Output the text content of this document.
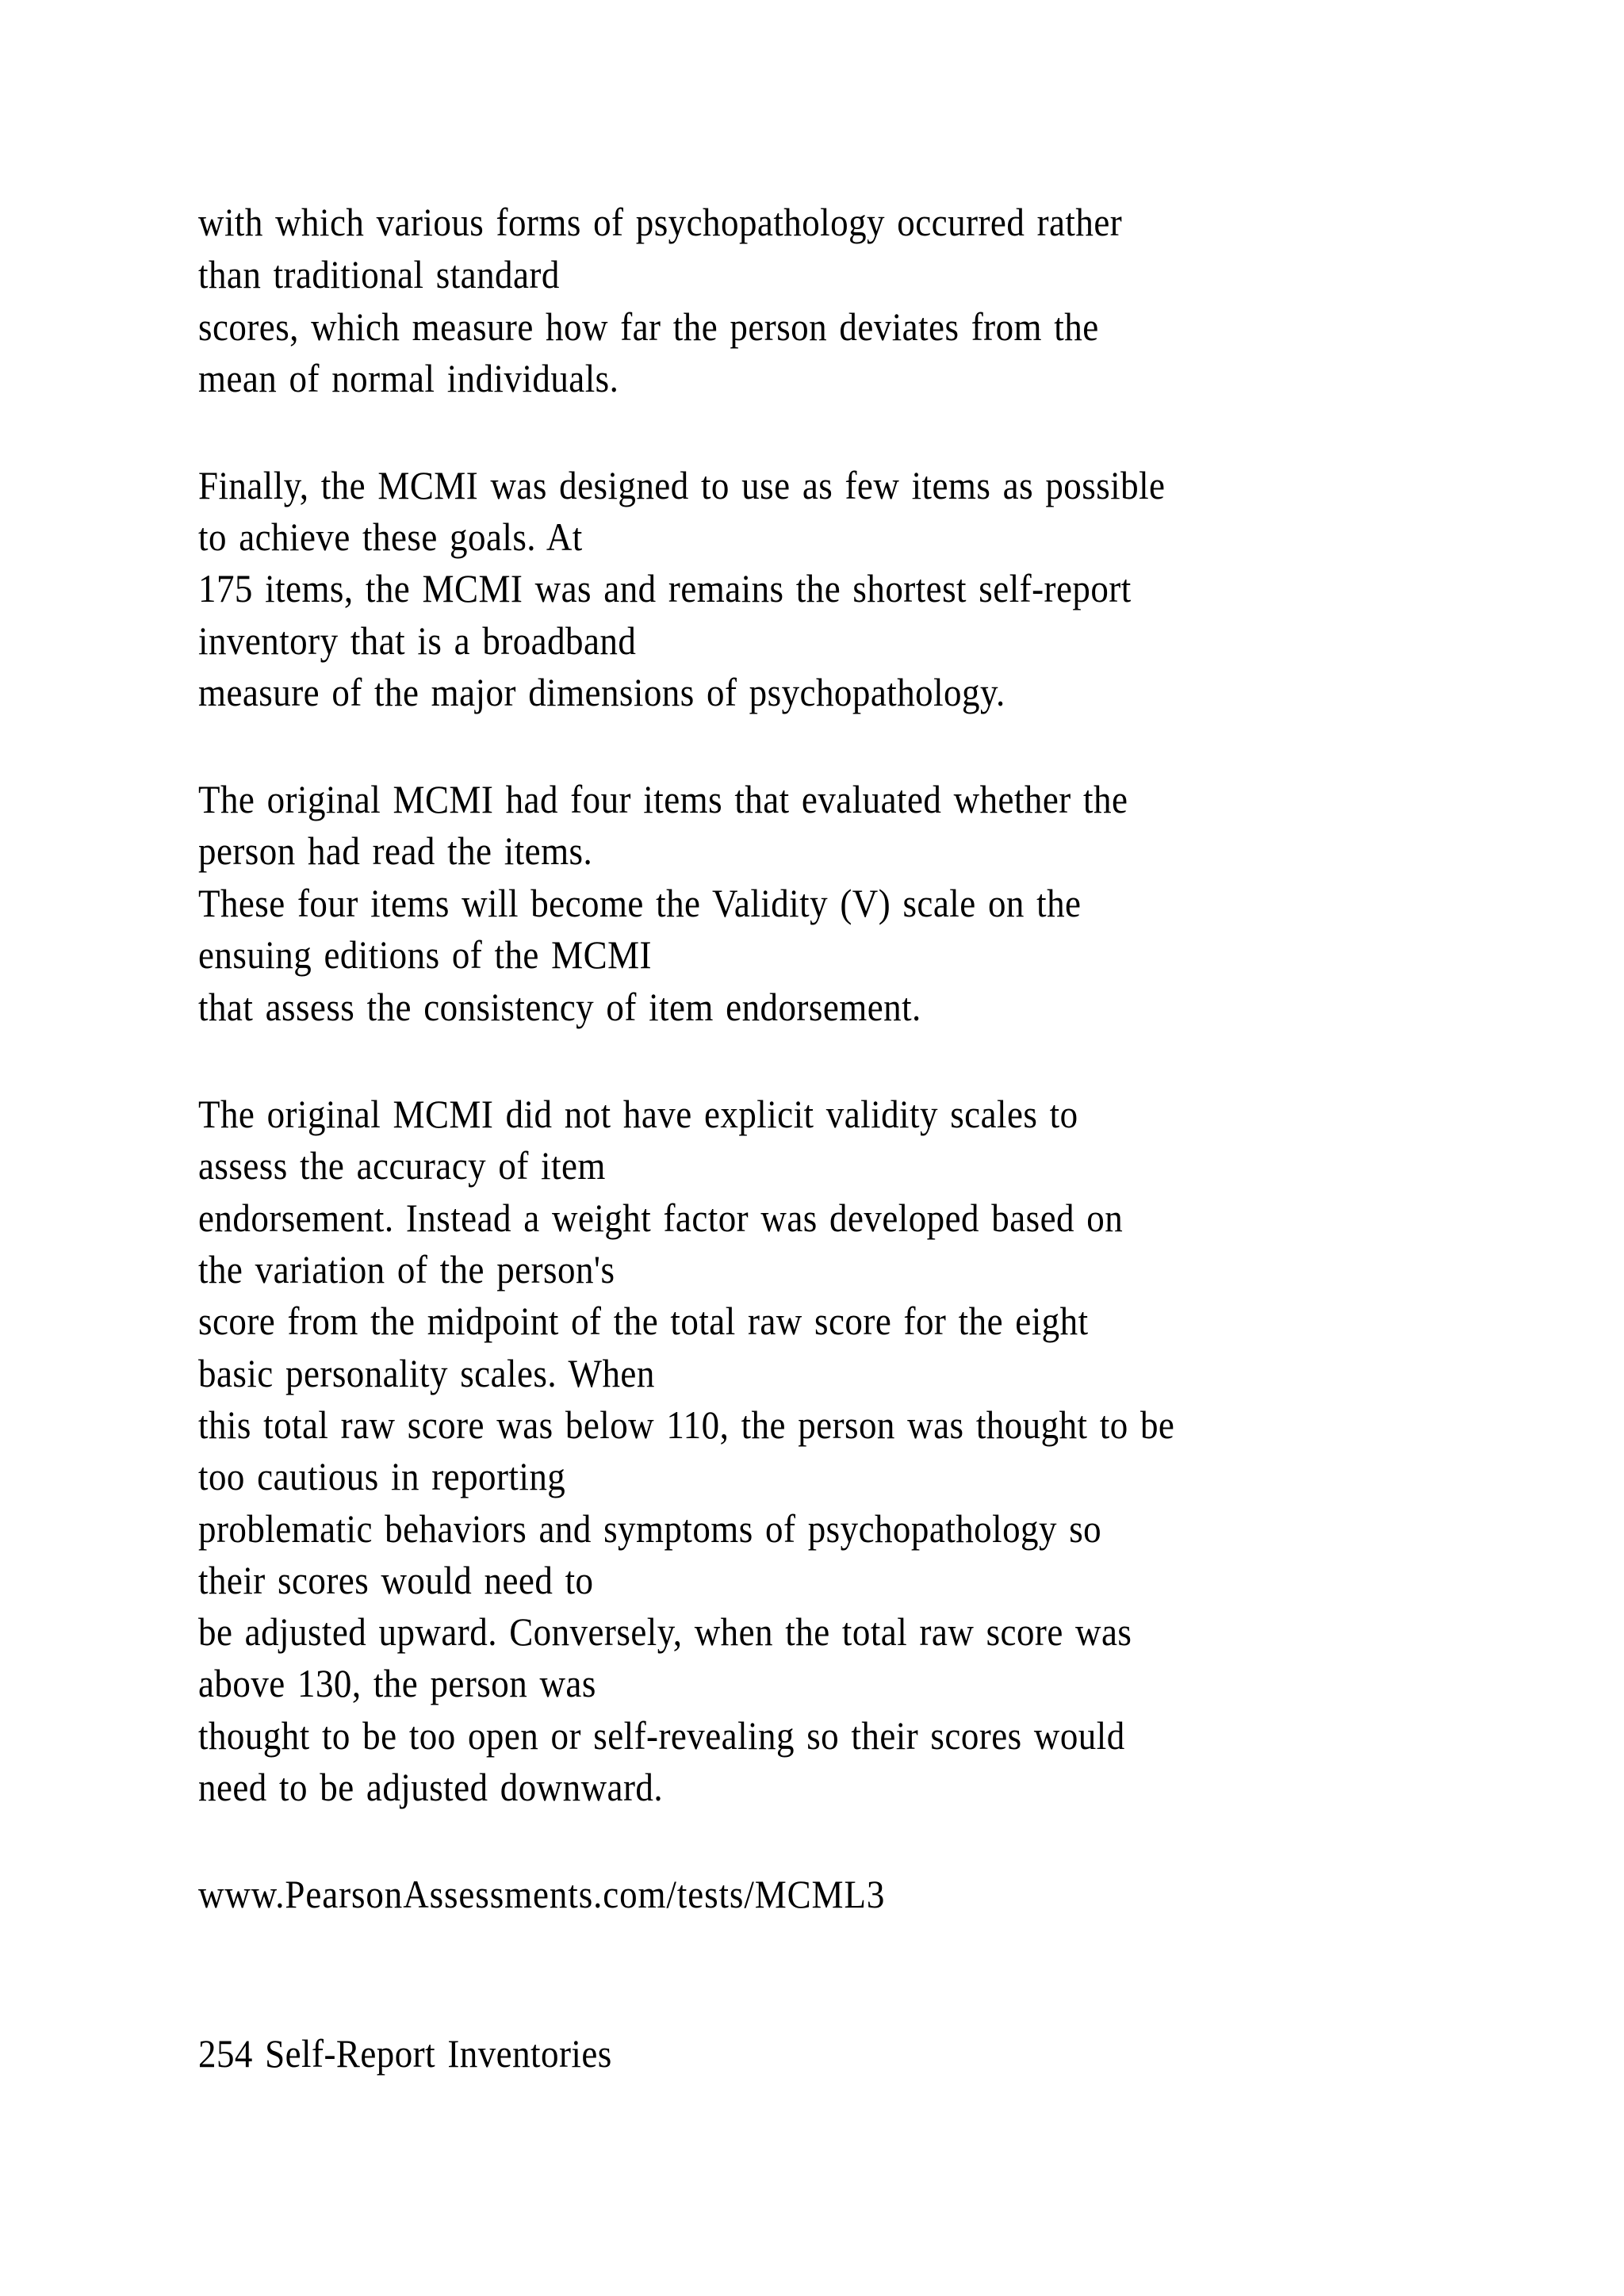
with which various forms of psychopathology occurred rather
than traditional standard
scores, which measure how far the person deviates from the
mean of normal individuals.
Finally, the MCMI was designed to use as few items as possible
to achieve these goals. At
175 items, the MCMI was and remains the shortest self-report
inventory that is a broadband
measure of the major dimensions of psychopathology.
The original MCMI had four items that evaluated whether the
person had read the items.
These four items will become the Validity (V) scale on the
ensuing editions of the MCMI
that assess the consistency of item endorsement.
The original MCMI did not have explicit validity scales to
assess the accuracy of item
endorsement. Instead a weight factor was developed based on
the variation of the person's
score from the midpoint of the total raw score for the eight
basic personality scales. When
this total raw score was below 110, the person was thought to be
too cautious in reporting
problematic behaviors and symptoms of psychopathology so
their scores would need to
be adjusted upward. Conversely, when the total raw score was
above 130, the person was
thought to be too open or self-revealing so their scores would
need to be adjusted downward.
www.PearsonAssessments.com/tests/MCML3
254 Self-Report Inventories
